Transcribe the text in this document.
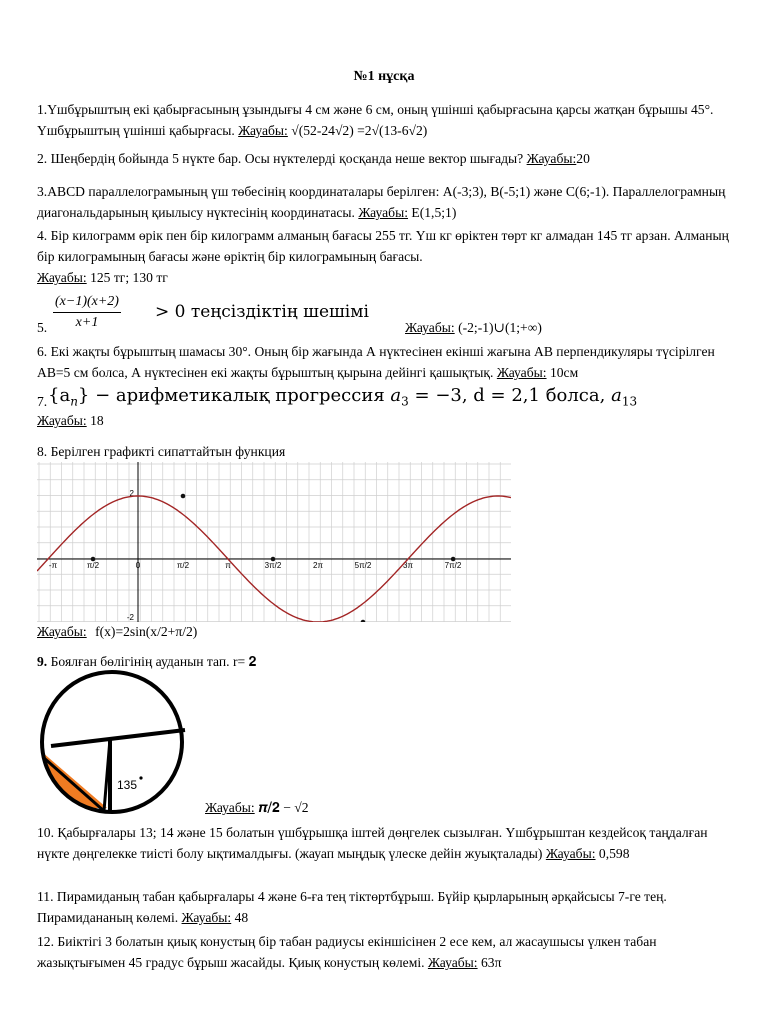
№1 нұсқа
1.Үшбұрыштың екі қабырғасының ұзындығы 4 см және 6 см, оның үшінші қабырғасына қарсы жатқан бұрышы 45°. Үшбұрыштың үшінші қабырғасы. Жауабы: √(52-24√2) =2√(13-6√2)
2. Шеңбердің бойында 5 нүкте бар. Осы нүктелерді қосқанда неше вектор шығады? Жауабы:20
3.ABCD параллелограмының үш төбесінің координаталары берілген: A(-3;3), B(-5;1) және C(6;-1). Параллелограмның диагональдарының қиылысу нүктесінің координатасы. Жауабы: E(1,5;1)
4. Бір килограмм өрік пен бір килограмм алманың бағасы 255 тг. Үш кг өріктен төрт кг алмадан 145 тг арзан. Алманың бір килограмының бағасы және өріктің бір килограмының бағасы.
Жауабы: 125 тг; 130 тг
5. $\frac{(x-1)(x+2)}{x+1} > 0$ теңсіздіктің шешімі
Жауабы: (-2;-1)∪(1;+∞)
6. Екі жақты бұрыштың шамасы 30°. Оның бір жағында А нүктесінен екінші жағына АВ перпендикуляры түсірілген АВ=5 см болса, А нүктесінен екі жақты бұрыштың қырына дейінгі қашықтық. Жауабы: 10см
7. $\{a_n\}$ − арифметикалық прогрессия $a_3 = -3$, d = 2,1 болса, $a_{13}$
Жауабы: 18
8. Берілген графикті сипаттайтын функция
-π	π/2	0	π/2	π	3π/2	2π	5π/2	3π	7π/2
2
-2
Жауабы: f(x)=2sin(x/2+π/2)
9. Боялған бөлігінің ауданын тап. r= 𝟐
135
Жауабы: 𝝅/𝟐 − √2
10. Қабырғалары 13; 14 және 15 болатын үшбұрышқа іштей дөңгелек сызылған. Үшбұрыштан кездейсоқ таңдалған нүкте дөңгелекке тиісті болу ықтималдығы. (жауап мыңдық үлеске дейін жуықталады) Жауабы: 0,598
11. Пирамиданың табан қабырғалары 4 және 6-ға тең тіктөртбұрыш. Бүйір қырларының әрқайсысы 7-ге тең. Пирамидананың көлемі. Жауабы: 48
12. Биіктігі 3 болатын қиық конустың бір табан радиусы екіншісінен 2 есе кем, ал жасаушысы үлкен табан жазықтығымен 45 градус бұрыш жасайды. Қиық конустың көлемі. Жауабы: 63π
